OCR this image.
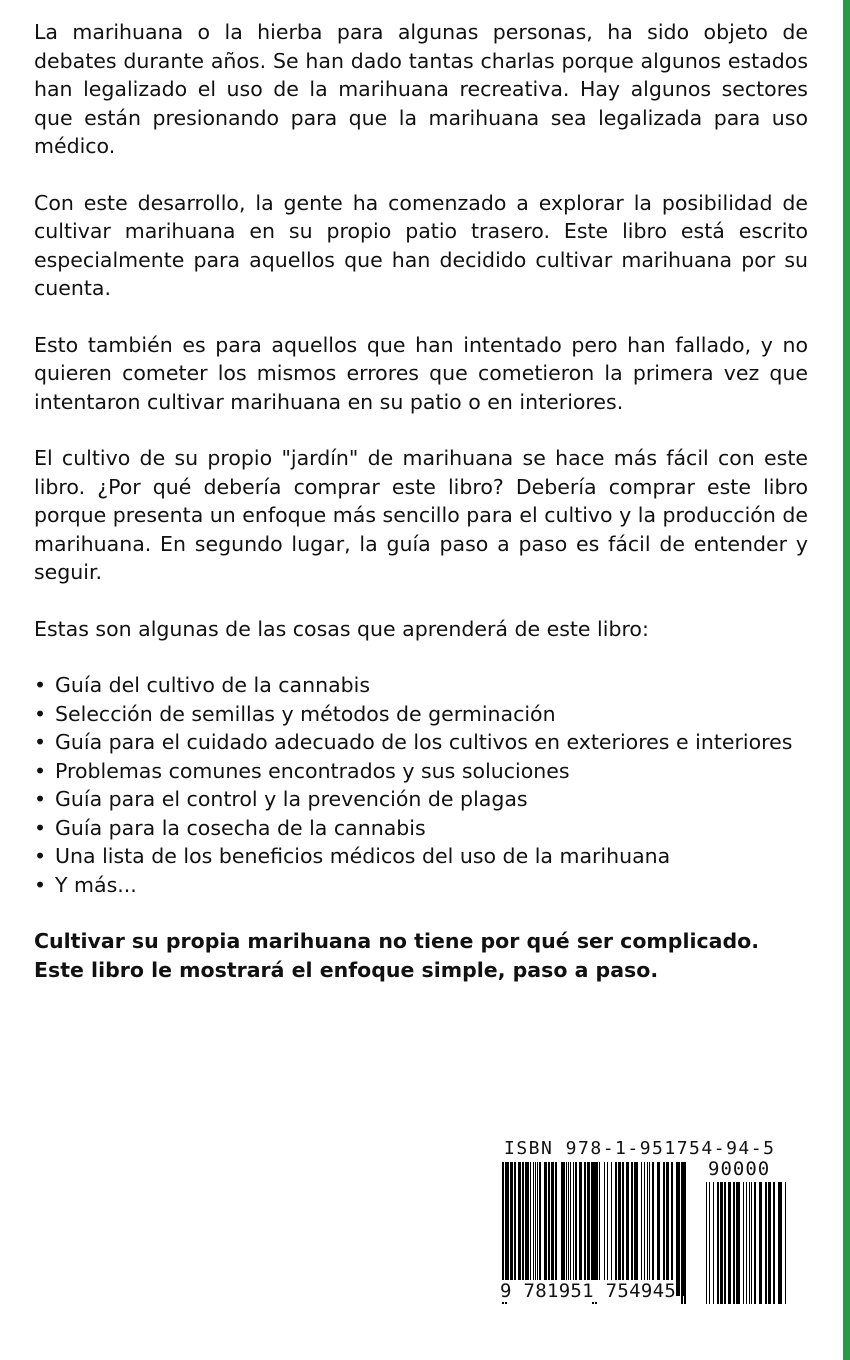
La marihuana o la hierba para algunas personas, ha sido objeto de debates durante años. Se han dado tantas charlas porque algunos estados han legalizado el uso de la marihuana recreativa. Hay algunos sectores que están presionando para que la marihuana sea legalizada para uso médico.

Con este desarrollo, la gente ha comenzado a explorar la posibilidad de cultivar marihuana en su propio patio trasero. Este libro está escrito especialmente para aquellos que han decidido cultivar marihuana por su cuenta.

Esto también es para aquellos que han intentado pero han fallado, y no quieren cometer los mismos errores que cometieron la primera vez que intentaron cultivar marihuana en su patio o en interiores.

El cultivo de su propio "jardín" de marihuana se hace más fácil con este libro. ¿Por qué debería comprar este libro? Debería comprar este libro porque presenta un enfoque más sencillo para el cultivo y la producción de marihuana. En segundo lugar, la guía paso a paso es fácil de entender y seguir.

Estas son algunas de las cosas que aprenderá de este libro:

• Guía del cultivo de la cannabis
• Selección de semillas y métodos de germinación
• Guía para el cuidado adecuado de los cultivos en exteriores e interiores
• Problemas comunes encontrados y sus soluciones
• Guía para el control y la prevención de plagas
• Guía para la cosecha de la cannabis
• Una lista de los beneficios médicos del uso de la marihuana
• Y más...

Cultivar su propia marihuana no tiene por qué ser complicado. Este libro le mostrará el enfoque simple, paso a paso.

ISBN 978-1-951754-94-5
90000
9 781951 754945
